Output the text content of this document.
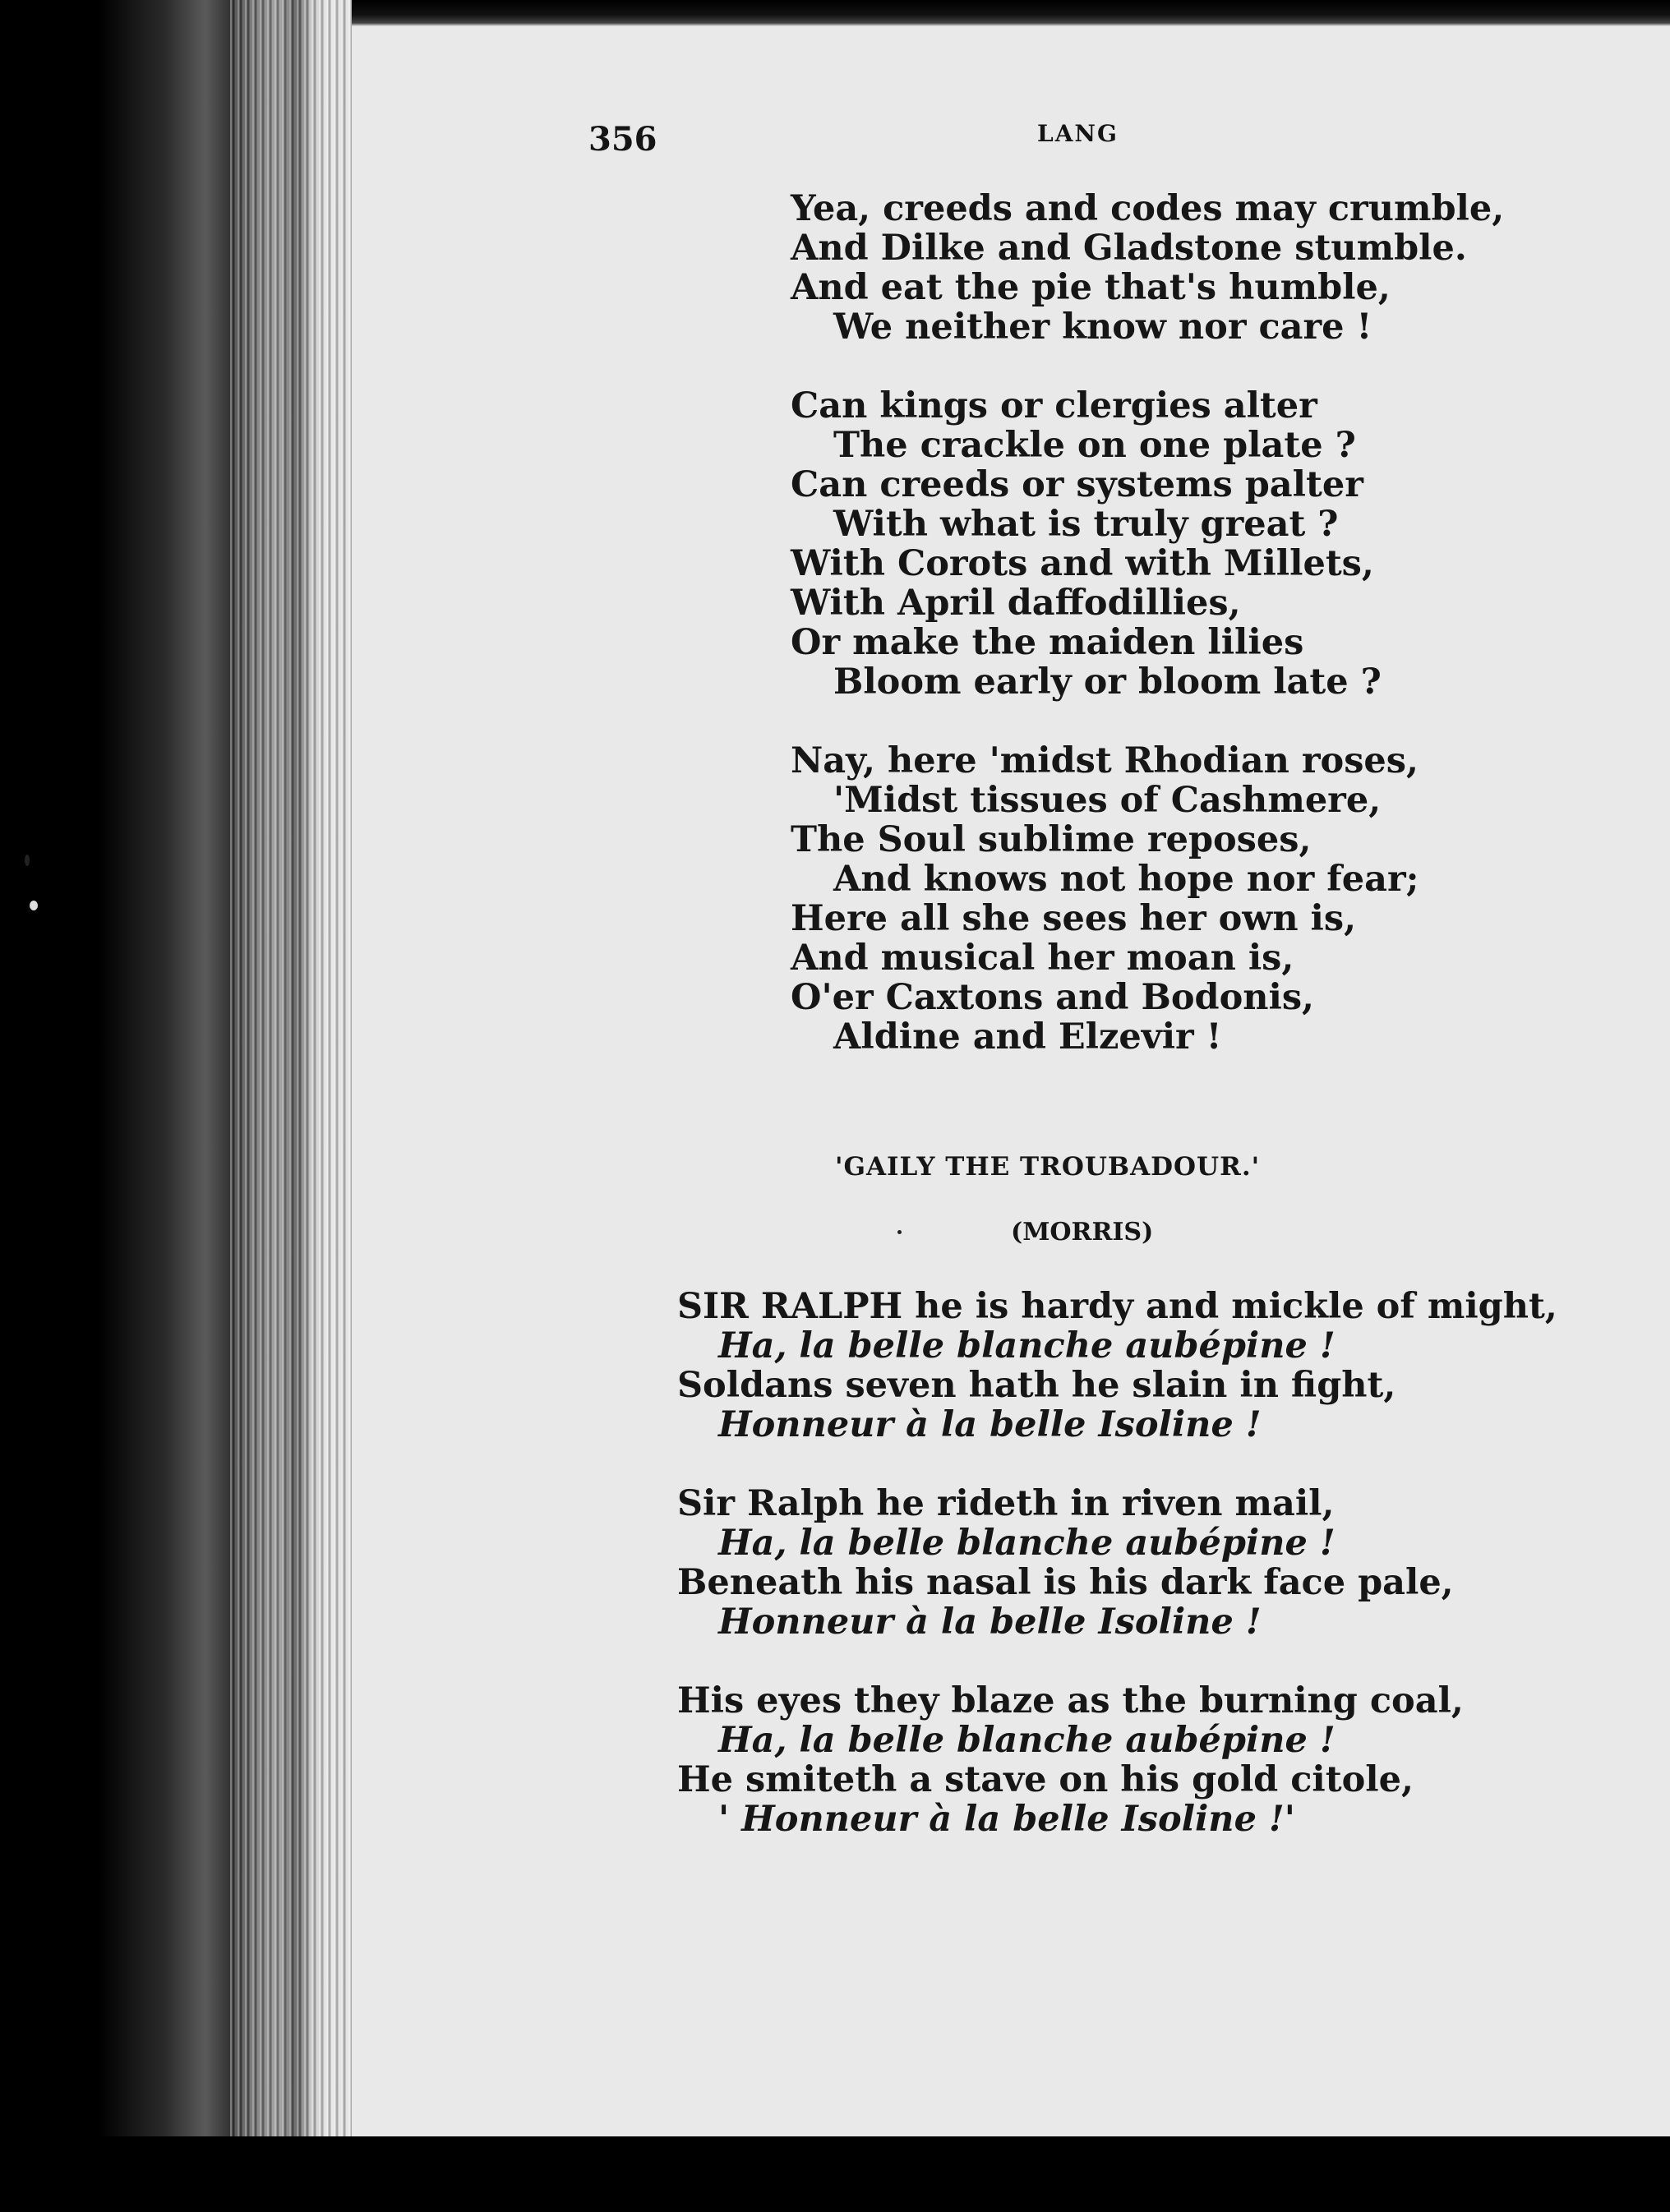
356	LANG

Yea, creeds and codes may crumble,

And Dilke and Gladstone stumble.

And eat the pie that's humble,

We neither know nor care !

Can kings or clergies alter

The crackle on one plate ?

Can creeds or systems palter

With what is truly great ?

With Corots and with Millets,

With April daffodillies,

Or make the maiden lilies

Bloom early or bloom late ?

Nay, here 'midst Rhodian roses,

'Midst tissues of Cashmere,

The Soul sublime reposes,

And knows not hope nor fear;

Here all she sees her own is,

And musical her moan is,

O'er Caxtons and Bodonis,

Aldine and Elzevir !

'GAILY THE TROUBADOUR.'

(MORRIS)

SIR RALPH he is hardy and mickle of might,

Ha, la belle blanche aubépine !

Soldans seven hath he slain in fight,

Honneur à la belle Isoline !

Sir Ralph he rideth in riven mail,

Ha, la belle blanche aubépine !

Beneath his nasal is his dark face pale,

Honneur à la belle Isoline !

His eyes they blaze as the burning coal,

Ha, la belle blanche aubépine !

He smiteth a stave on his gold citole,

' Honneur à la belle Isoline !'
